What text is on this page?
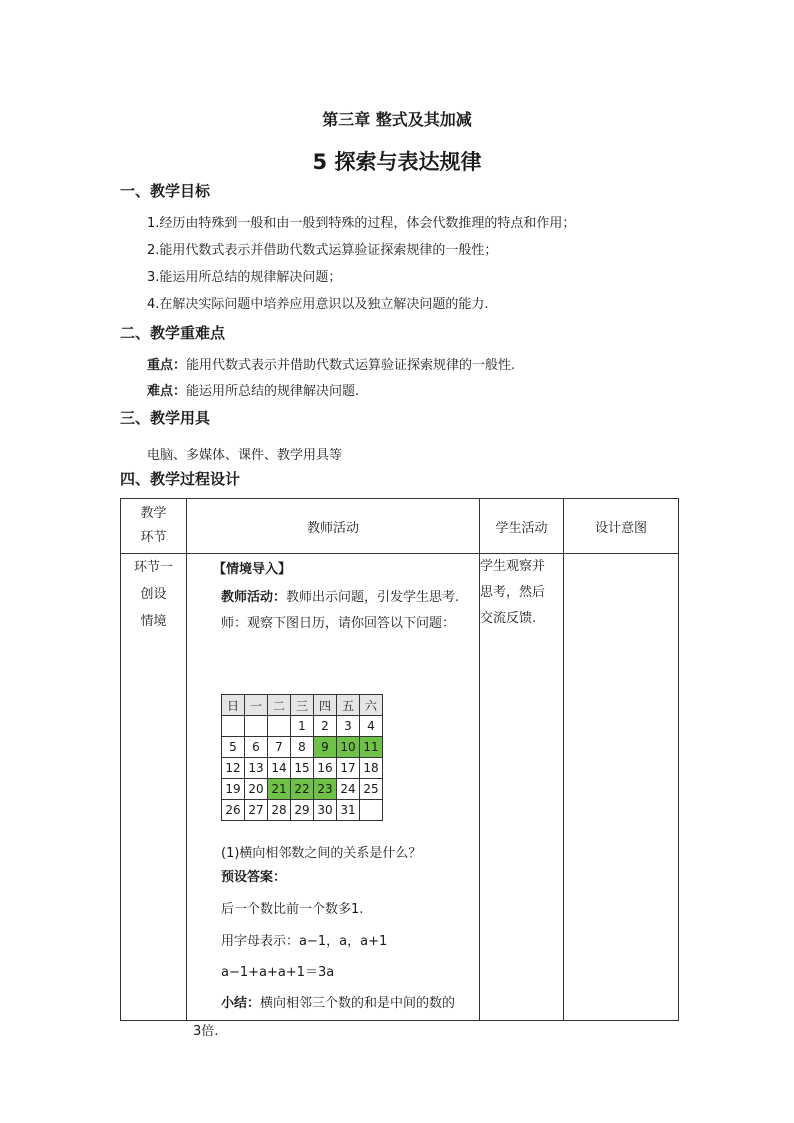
第三章 整式及其加减
5 探索与表达规律
一、教学目标
1.经历由特殊到一般和由一般到特殊的过程，体会代数推理的特点和作用；
2.能用代数式表示并借助代数式运算验证探索规律的一般性；
3.能运用所总结的规律解决问题；
4.在解决实际问题中培养应用意识以及独立解决问题的能力.
二、教学重难点
重点：能用代数式表示并借助代数式运算验证探索规律的一般性.
难点：能运用所总结的规律解决问题.
三、教学用具
电脑、多媒体、课件、教学用具等
四、教学过程设计
教学
环节
	教师活动	学生活动	设计意图

环节一
创设
情境

【情境导入】
教师活动：教师出示问题，引发学生思考.
师：观察下图日历，请你回答以下问题：
日	一	二	三	四	五	六
			1	2	3	4
5	6	7	8	9	10	11
12	13	14	15	16	17	18
19	20	21	22	23	24	25
26	27	28	29	30	31	
(1)横向相邻数之间的关系是什么？
预设答案：
后一个数比前一个数多1.
用字母表示：a−1，a，a+1
a−1+a+a+1＝3a
小结：横向相邻三个数的和是中间的数的
3倍.

学生观察并
思考，然后
交流反馈.
